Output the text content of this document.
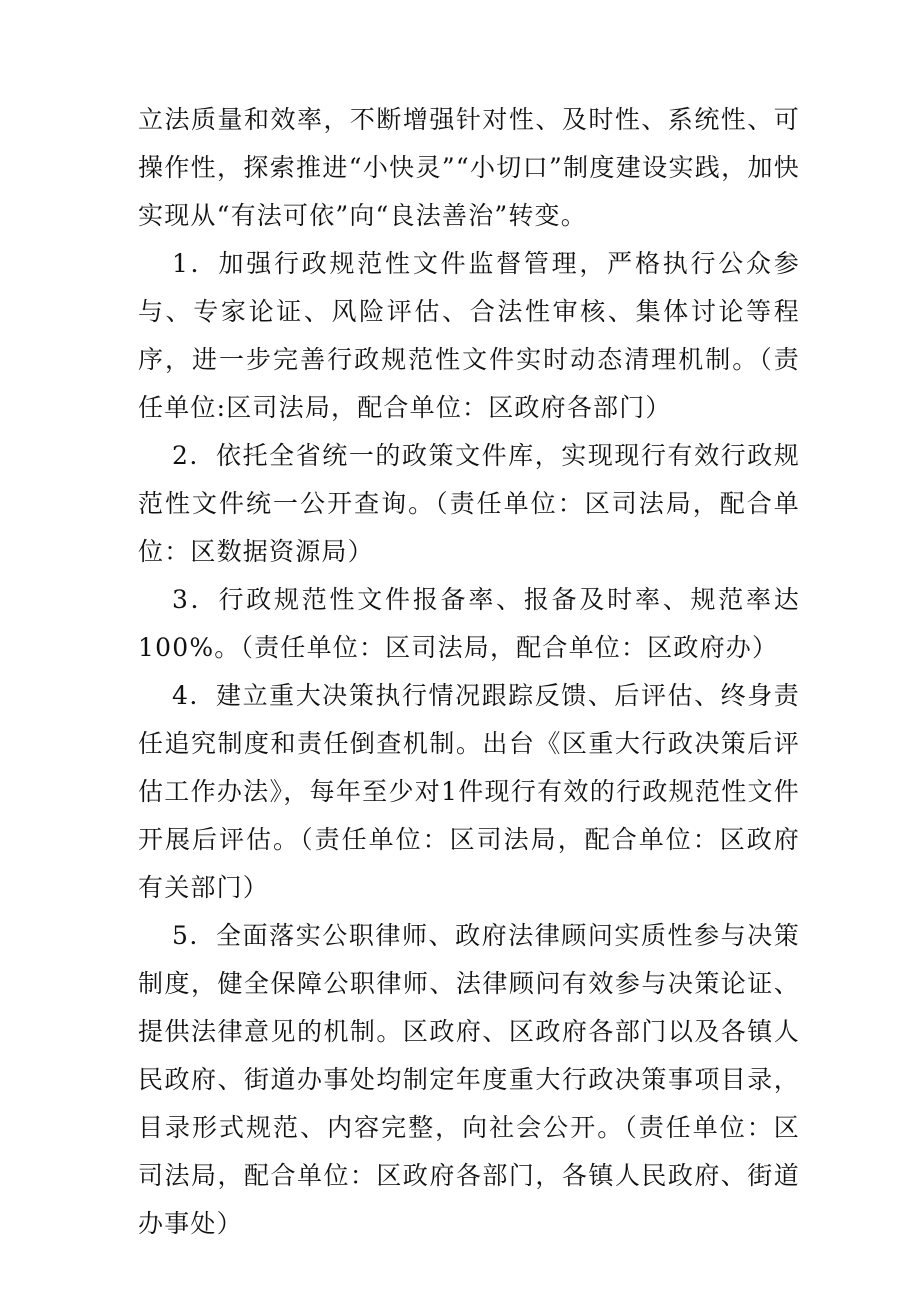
立法质量和效率，不断增强针对性、及时性、系统性、可操作性，探索推进“小快灵”“小切口”制度建设实践，加快实现从“有法可依”向“良法善治”转变。

1．加强行政规范性文件监督管理，严格执行公众参与、专家论证、风险评估、合法性审核、集体讨论等程序，进一步完善行政规范性文件实时动态清理机制。（责任单位:区司法局，配合单位：区政府各部门）

2．依托全省统一的政策文件库，实现现行有效行政规范性文件统一公开查询。（责任单位：区司法局，配合单位：区数据资源局）

3．行政规范性文件报备率、报备及时率、规范率达100%。（责任单位：区司法局，配合单位：区政府办）

4．建立重大决策执行情况跟踪反馈、后评估、终身责任追究制度和责任倒查机制。出台《区重大行政决策后评估工作办法》，每年至少对1件现行有效的行政规范性文件开展后评估。（责任单位：区司法局，配合单位：区政府有关部门）

5．全面落实公职律师、政府法律顾问实质性参与决策制度，健全保障公职律师、法律顾问有效参与决策论证、提供法律意见的机制。区政府、区政府各部门以及各镇人民政府、街道办事处均制定年度重大行政决策事项目录，目录形式规范、内容完整，向社会公开。（责任单位：区司法局，配合单位：区政府各部门，各镇人民政府、街道办事处）
